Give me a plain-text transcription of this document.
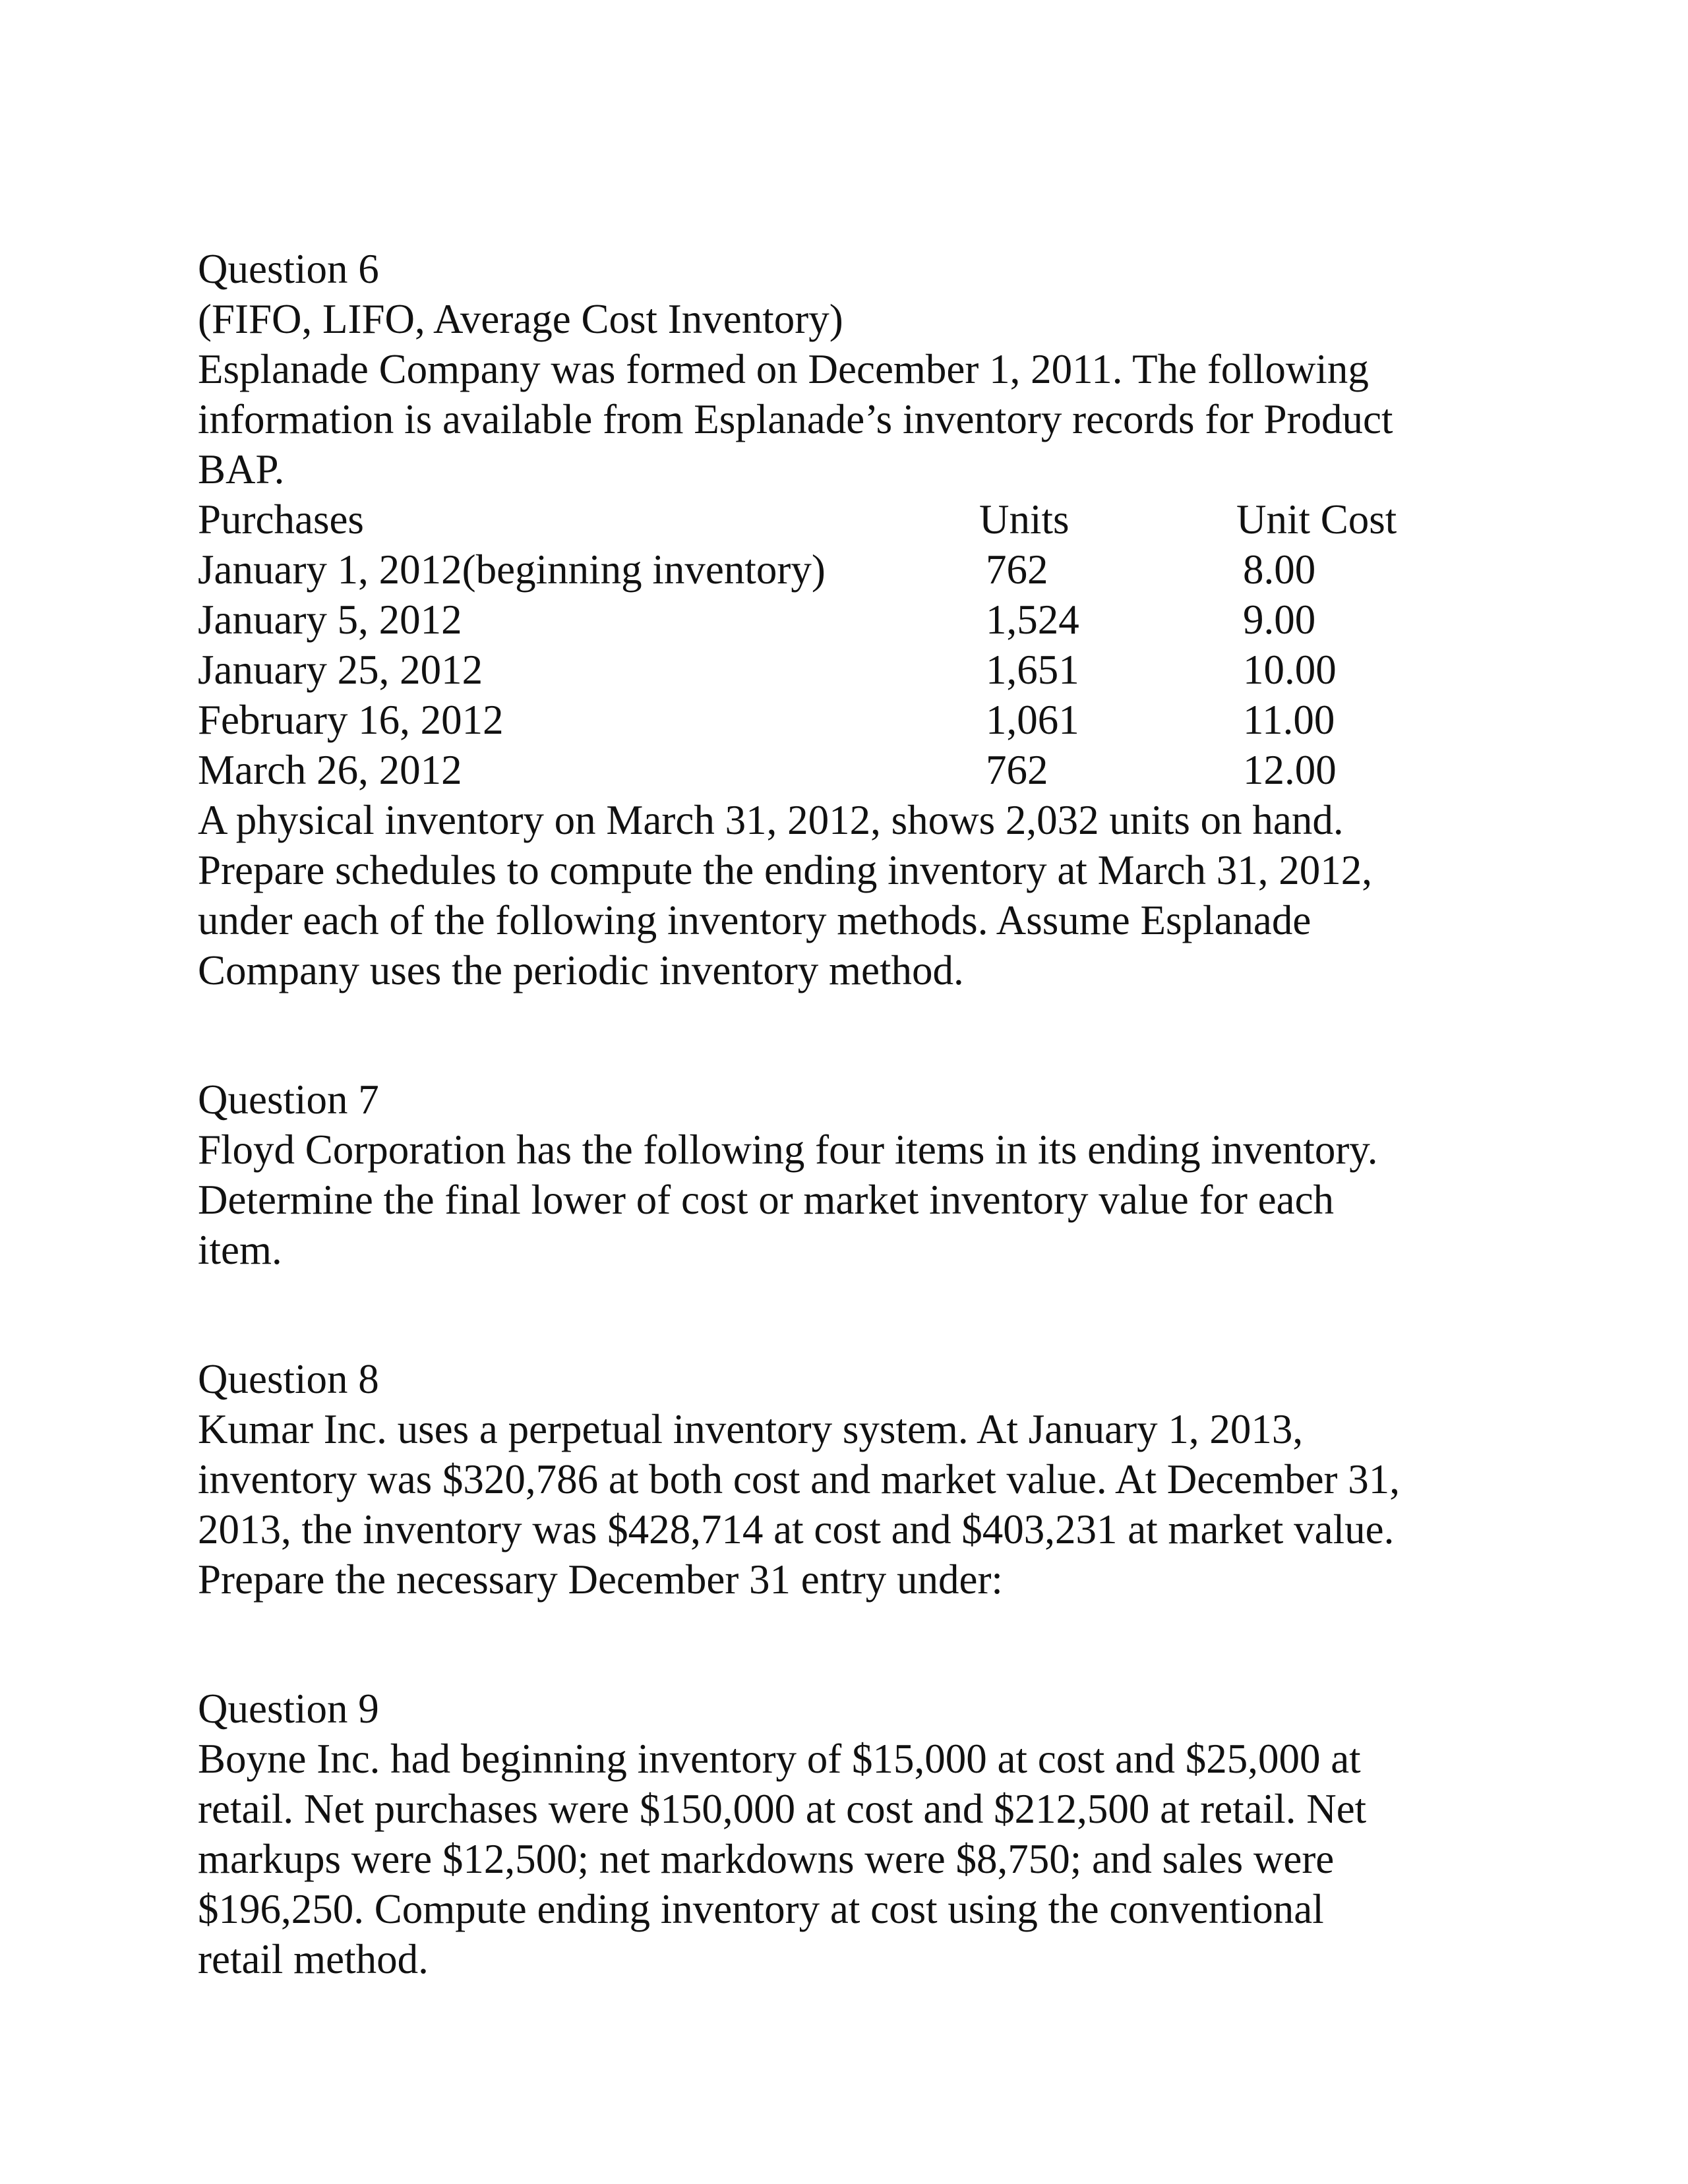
Question 6
(FIFO, LIFO, Average Cost Inventory)
Esplanade Company was formed on December 1, 2011. The following
information is available from Esplanade’s inventory records for Product
BAP.
Purchases	Units	Unit Cost
January 1, 2012(beginning inventory)	762	8.00
January 5, 2012	1,524	9.00
January 25, 2012	1,651	10.00
February 16, 2012	1,061	11.00
March 26, 2012	762	12.00
A physical inventory on March 31, 2012, shows 2,032 units on hand.
Prepare schedules to compute the ending inventory at March 31, 2012,
under each of the following inventory methods. Assume Esplanade
Company uses the periodic inventory method.
Question 7
Floyd Corporation has the following four items in its ending inventory.
Determine the final lower of cost or market inventory value for each
item.
Question 8
Kumar Inc. uses a perpetual inventory system. At January 1, 2013,
inventory was $320,786 at both cost and market value. At December 31,
2013, the inventory was $428,714 at cost and $403,231 at market value.
Prepare the necessary December 31 entry under:
Question 9
Boyne Inc. had beginning inventory of $15,000 at cost and $25,000 at
retail. Net purchases were $150,000 at cost and $212,500 at retail. Net
markups were $12,500; net markdowns were $8,750; and sales were
$196,250. Compute ending inventory at cost using the conventional
retail method.
